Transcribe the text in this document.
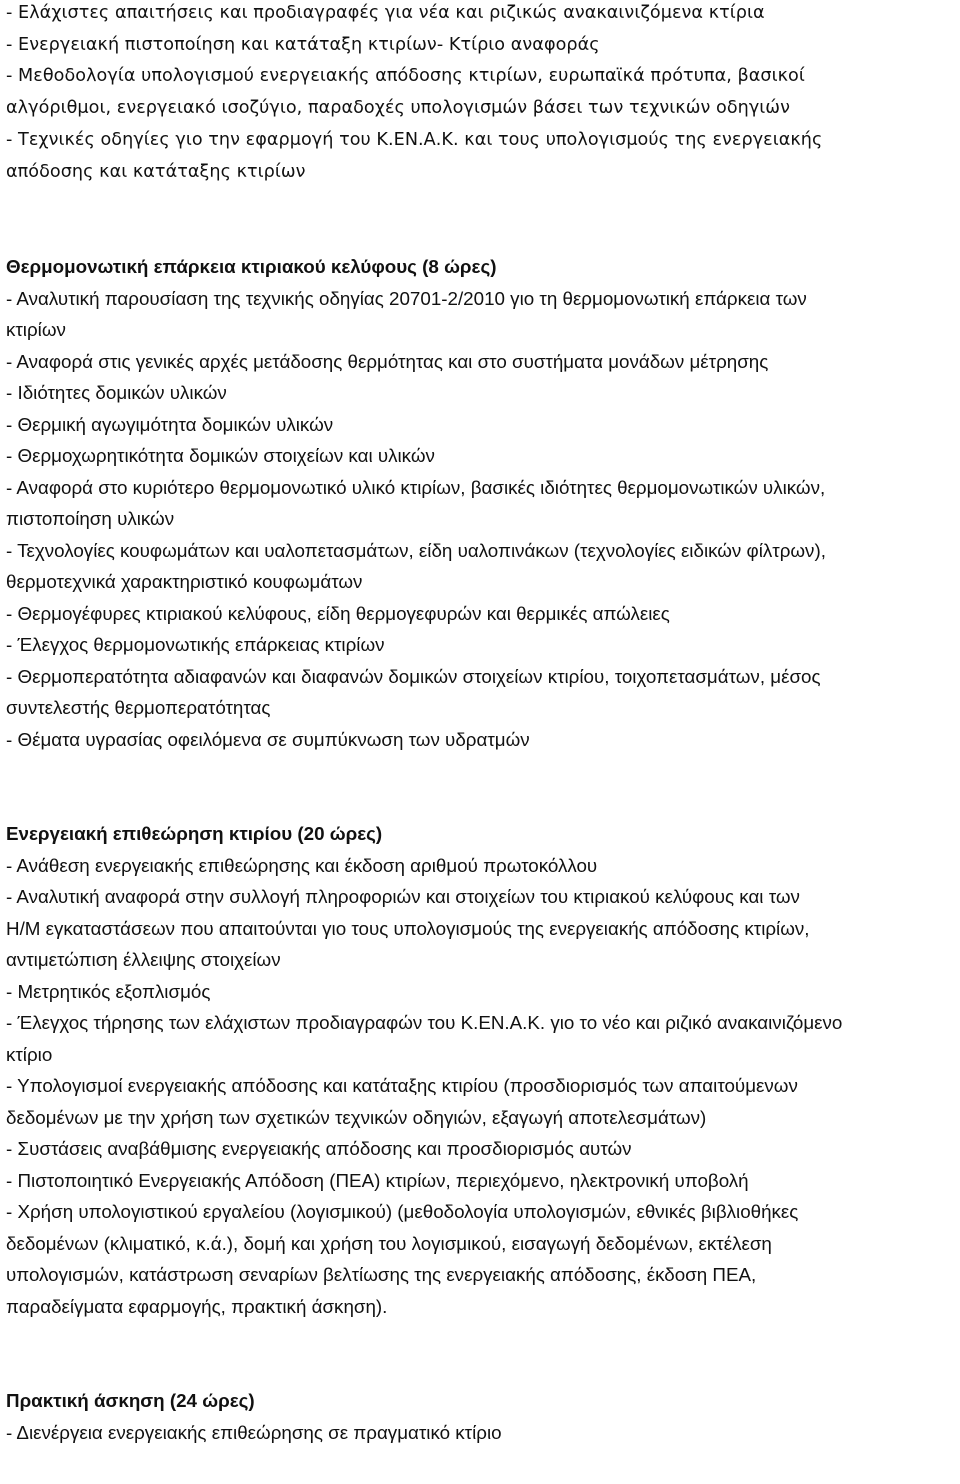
- Ελάχιστες απαιτήσεις και προδιαγραφές για νέα και ριζικώς ανακαινιζόμενα κτίρια
- Ενεργειακή πιστοποίηση και κατάταξη κτιρίων- Κτίριο αναφοράς
- Μεθοδολογία υπολογισμού ενεργειακής απόδοσης κτιρίων, ευρωπαϊκά πρότυπα, βασικοί
αλγόριθμοι, ενεργειακό ισοζύγιο, παραδοχές υπολογισμών βάσει των τεχνικών οδηγιών
- Τεχνικές οδηγίες γιο την εφαρμογή του Κ.ΕΝ.Α.Κ. και τους υπολογισμούς της ενεργειακής
απόδοσης και κατάταξης κτιρίων
Θερμομονωτική επάρκεια κτιριακού κελύφους (8 ώρες)
- Αναλυτική παρουσίαση της τεχνικής οδηγίας 20701-2/2010 γιο τη θερμομονωτική επάρκεια των
κτιρίων
- Αναφορά στις γενικές αρχές μετάδοσης θερμότητας και στο συστήματα μονάδων μέτρησης
- Ιδιότητες δομικών υλικών
- Θερμική αγωγιμότητα δομικών υλικών
- Θερμοχωρητικότητα δομικών στοιχείων και υλικών
- Αναφορά στο κυριότερο θερμομονωτικό υλικό κτιρίων, βασικές ιδιότητες θερμομονωτικών υλικών,
πιστοποίηση υλικών
- Τεχνολογίες κουφωμάτων και υαλοπετασμάτων, είδη υαλοπινάκων (τεχνολογίες ειδικών φίλτρων),
θερμοτεχνικά χαρακτηριστικό κουφωμάτων
- Θερμογέφυρες κτιριακού κελύφους, είδη θερμογεφυρών και θερμικές απώλειες
- Έλεγχος θερμομονωτικής επάρκειας κτιρίων
- Θερμοπερατότητα αδιαφανών και διαφανών δομικών στοιχείων κτιρίου, τοιχοπετασμάτων, μέσος
συντελεστής θερμοπερατότητας
- Θέματα υγρασίας οφειλόμενα σε συμπύκνωση των υδρατμών
Ενεργειακή επιθεώρηση κτιρίου (20 ώρες)
- Ανάθεση ενεργειακής επιθεώρησης και έκδοση αριθμού πρωτοκόλλου
- Αναλυτική αναφορά στην συλλογή πληροφοριών και στοιχείων του κτιριακού κελύφους και των
Η/Μ εγκαταστάσεων που απαιτούνται γιο τους υπολογισμούς της ενεργειακής απόδοσης κτιρίων,
αντιμετώπιση έλλειψης στοιχείων
- Μετρητικός εξοπλισμός
- Έλεγχος τήρησης των ελάχιστων προδιαγραφών του Κ.ΕΝ.Α.Κ. γιο το νέο και ριζικό ανακαινιζόμενο
κτίριο
- Υπολογισμοί ενεργειακής απόδοσης και κατάταξης κτιρίου (προσδιορισμός των απαιτούμενων
δεδομένων με την χρήση των σχετικών τεχνικών οδηγιών, εξαγωγή αποτελεσμάτων)
- Συστάσεις αναβάθμισης ενεργειακής απόδοσης και προσδιορισμός αυτών
- Πιστοποιητικό Ενεργειακής Απόδοση (ΠΕΑ) κτιρίων, περιεχόμενο, ηλεκτρονική υποβολή
- Χρήση υπολογιστικού εργαλείου (λογισμικού) (μεθοδολογία υπολογισμών, εθνικές βιβλιοθήκες
δεδομένων (κλιματικό, κ.ά.), δομή και χρήση του λογισμικού, εισαγωγή δεδομένων, εκτέλεση
υπολογισμών, κατάστρωση σεναρίων βελτίωσης της ενεργειακής απόδοσης, έκδοση ΠΕΑ,
παραδείγματα εφαρμογής, πρακτική άσκηση).
Πρακτική άσκηση (24 ώρες)
- Διενέργεια ενεργειακής επιθεώρησης σε πραγματικό κτίριο
